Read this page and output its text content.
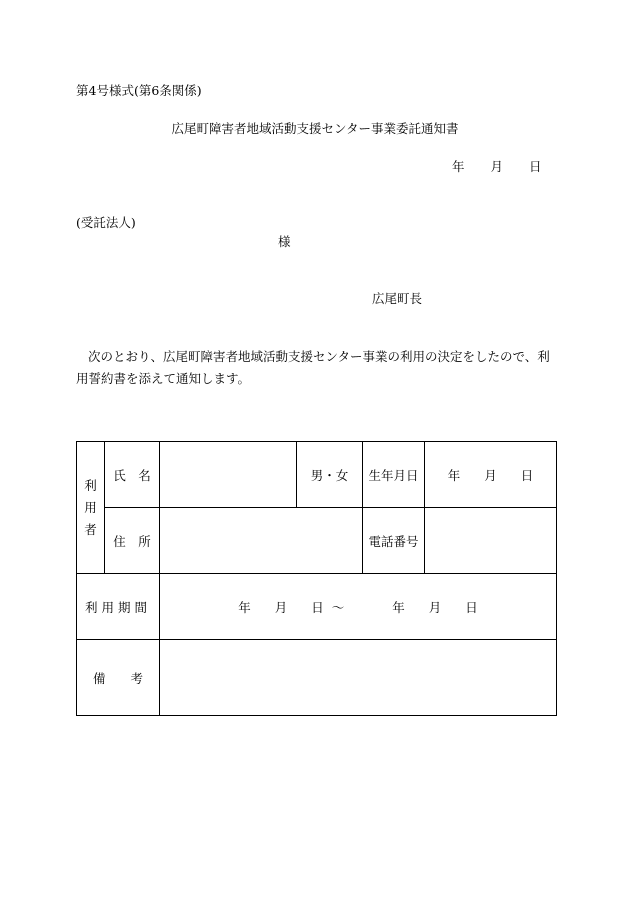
第4号様式(第6条関係)
広尾町障害者地域活動支援センター事業委託通知書
年 月 日
(受託法人)
様
広尾町長
次のとおり、広尾町障害者地域活動支援センター事業の利用の決定をしたので、利用誓約書を添えて通知します。
利
用
者	氏　名		男・女	生年月日	年 月 日
	住　所			電話番号	
利用期間		年 月 日 〜 年 月 日			
備　　考					
